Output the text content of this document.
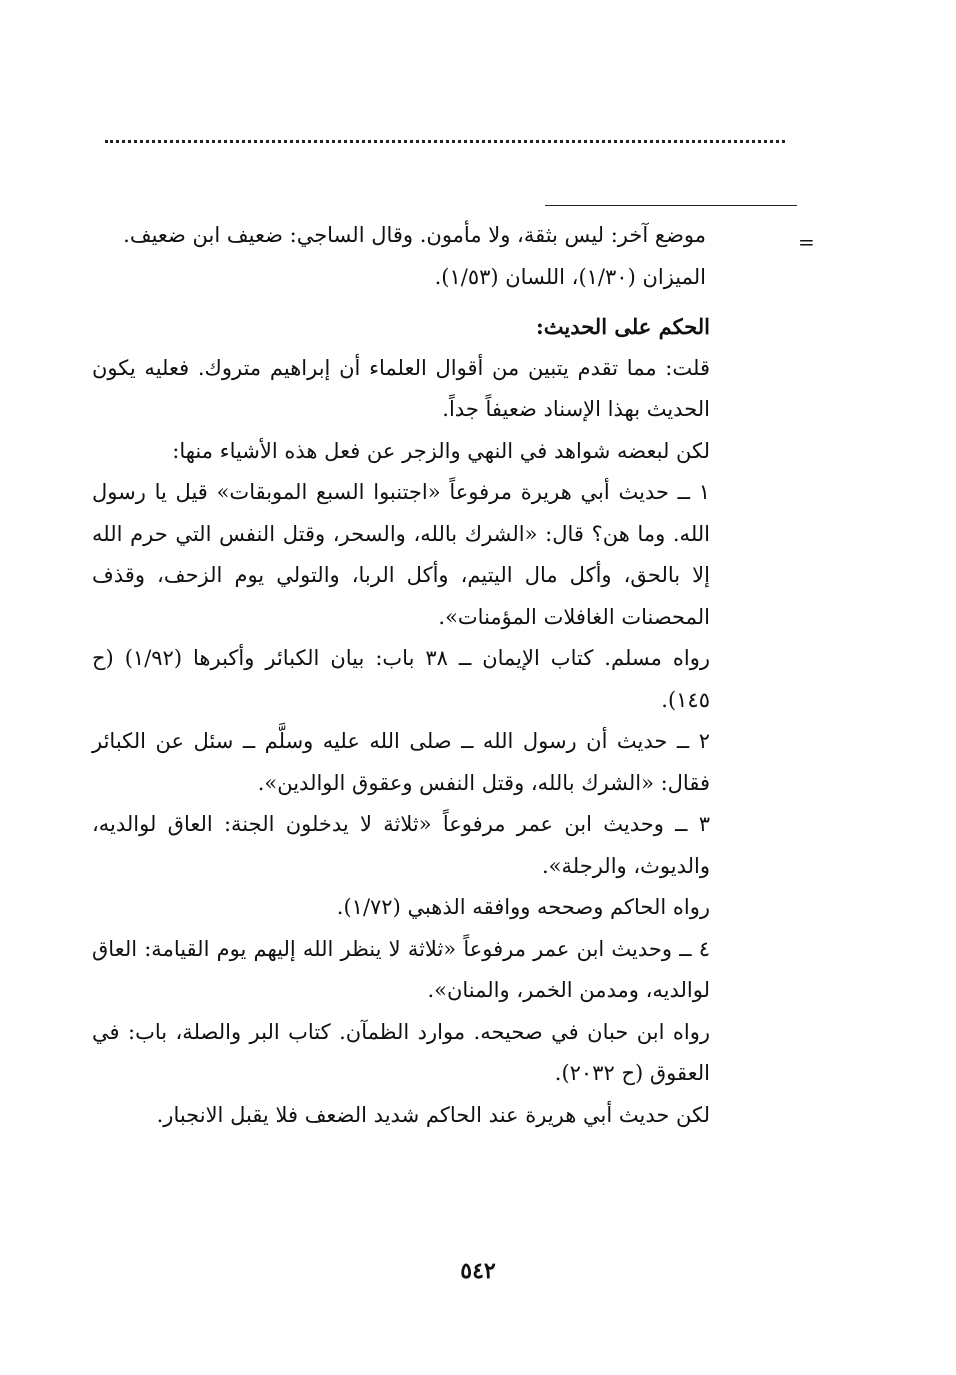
=

موضع آخر: ليس بثقة، ولا مأمون. وقال الساجي: ضعيف ابن ضعيف.

الميزان (١/٣٠)، اللسان (١/٥٣).

الحكم على الحديث:

قلت: مما تقدم يتبين من أقوال العلماء أن إبراهيم متروك. فعليه يكون الحديث بهذا الإسناد ضعيفاً جداً.

لكن لبعضه شواهد في النهي والزجر عن فعل هذه الأشياء منها:

١ ــ حديث أبي هريرة مرفوعاً «اجتنبوا السبع الموبقات» قيل يا رسول الله. وما هن؟ قال: «الشرك بالله، والسحر، وقتل النفس التي حرم الله إلا بالحق، وأكل مال اليتيم، وأكل الربا، والتولي يوم الزحف، وقذف المحصنات الغافلات المؤمنات».

رواه مسلم. كتاب الإيمان ــ ٣٨ باب: بيان الكبائر وأكبرها (١/٩٢) (ح ١٤٥).

٢ ــ حديث أن رسول الله ــ صلى الله عليه وسلَّم ــ سئل عن الكبائر فقال: «الشرك بالله، وقتل النفس وعقوق الوالدين».

٣ ــ وحديث ابن عمر مرفوعاً «ثلاثة لا يدخلون الجنة: العاق لوالديه، والديوث، والرجلة».

رواه الحاكم وصححه ووافقه الذهبي (١/٧٢).

٤ ــ وحديث ابن عمر مرفوعاً «ثلاثة لا ينظر الله إليهم يوم القيامة: العاق لوالديه، ومدمن الخمر، والمنان».

رواه ابن حبان في صحيحه. موارد الظمآن. كتاب البر والصلة، باب: في العقوق (ح ٢٠٣٢).

لكن حديث أبي هريرة عند الحاكم شديد الضعف فلا يقبل الانجبار.

٥٤٢
